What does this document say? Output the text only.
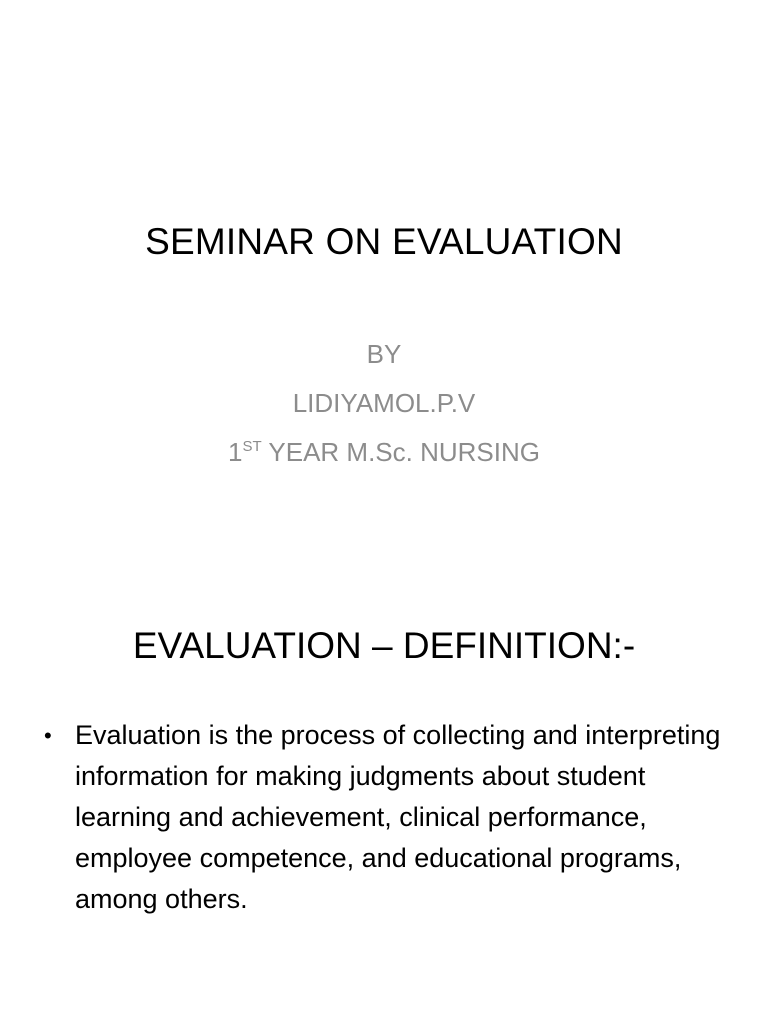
SEMINAR ON EVALUATION
BY
LIDIYAMOL.P.V
1ST YEAR M.Sc. NURSING
EVALUATION – DEFINITION:-
• Evaluation is the process of collecting and interpreting information for making judgments about student learning and achievement, clinical performance, employee competence, and educational programs, among others.
